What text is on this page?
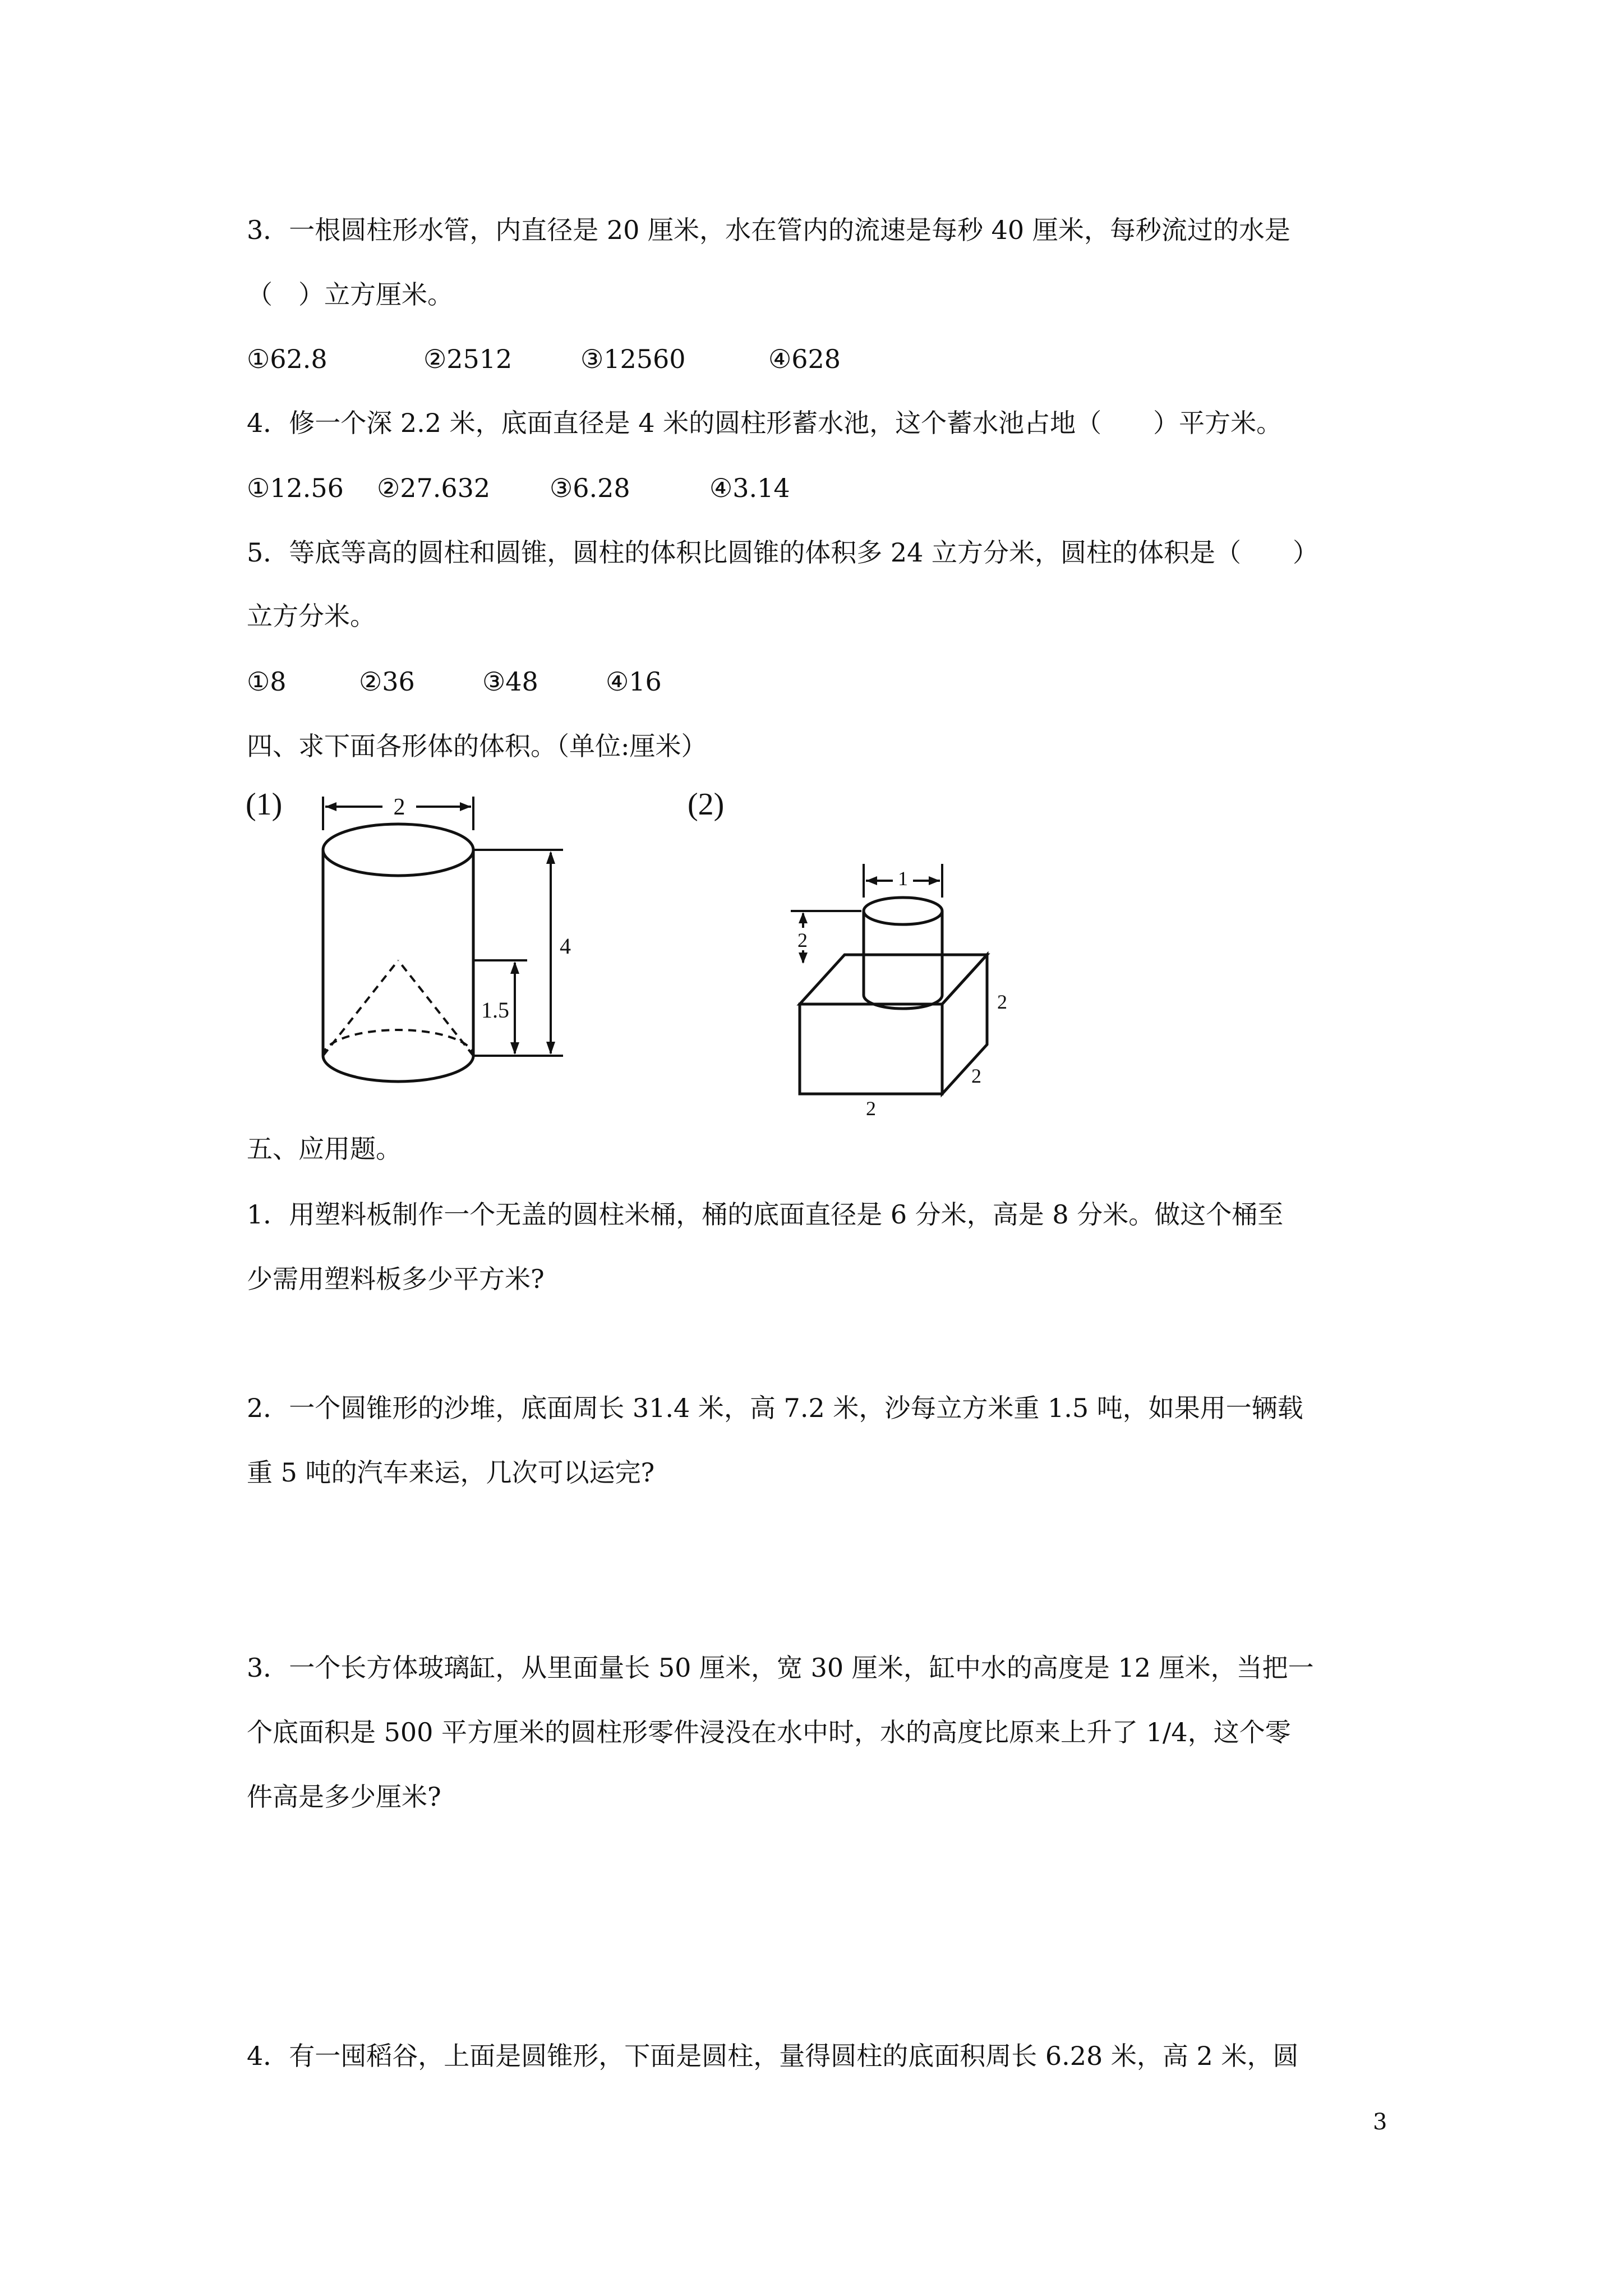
3．一根圆柱形水管，内直径是 20 厘米，水在管内的流速是每秒 40 厘米，每秒流过的水是
（　）立方厘米。
①62.8	②2512	③12560	④628
4．修一个深 2.2 米，底面直径是 4 米的圆柱形蓄水池，这个蓄水池占地（　　）平方米。
①12.56 ②27.632 ③6.28	④3.14
5．等底等高的圆柱和圆锥，圆柱的体积比圆锥的体积多 24 立方分米，圆柱的体积是（　　）
立方分米。
①8	②36	③48	④16
四、求下面各形体的体积。（单位:厘米）
(1)	2
4
1.5
(2)
1
2
2
2
2
五、应用题。
1．用塑料板制作一个无盖的圆柱米桶，桶的底面直径是 6 分米，高是 8 分米。做这个桶至
少需用塑料板多少平方米?
2．一个圆锥形的沙堆，底面周长 31.4 米，高 7.2 米，沙每立方米重 1.5 吨，如果用一辆载
重 5 吨的汽车来运，几次可以运完?
3．一个长方体玻璃缸，从里面量长 50 厘米，宽 30 厘米，缸中水的高度是 12 厘米，当把一
个底面积是 500 平方厘米的圆柱形零件浸没在水中时，水的高度比原来上升了 1/4，这个零
件高是多少厘米?
4．有一囤稻谷，上面是圆锥形，下面是圆柱，量得圆柱的底面积周长 6.28 米，高 2 米，圆
3
